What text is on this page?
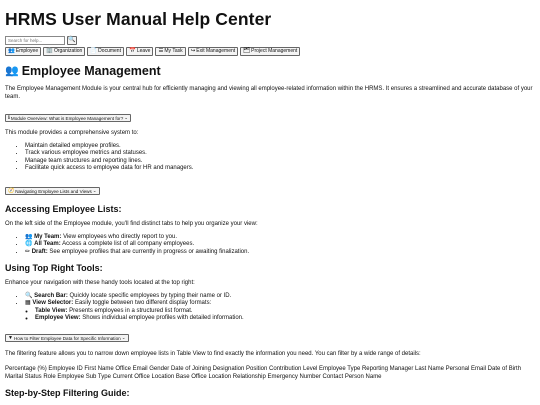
HRMS User Manual Help Center
Search for help...
🔍
👥 Employee 🏢 Organization 📄 Document 📅 Leave ☰ My Task ↪ Exit Management 🗂 Project Management
👥 Employee Management

The Employee Management Module is your central hub for efficiently managing and viewing all employee-related information within the HRMS. It ensures a streamlined and accurate database of your team.

ℹ Module Overview: What is Employee Management for? ⌄

This module provides a comprehensive system to:

• Maintain detailed employee profiles.
• Track various employee metrics and statuses.
• Manage team structures and reporting lines.
• Facilitate quick access to employee data for HR and managers.
🧭 Navigating Employee Lists and Views ⌄
Accessing Employee Lists:

On the left side of the Employee module, you'll find distinct tabs to help you organize your view:

• 👥 My Team: View employees who directly report to you.
• 🌐 All Team: Access a complete list of all company employees.
• ✏ Draft: See employee profiles that are currently in progress or awaiting finalization.
Using Top Right Tools:

Enhance your navigation with these handy tools located at the top right:

• 🔍 Search Bar: Quickly locate specific employees by typing their name or ID.
• ▦ View Selector: Easily toggle between two different display formats:
◦ Table View: Presents employees in a structured list format.
◦ Employee View: Shows individual employee profiles with detailed information.
▼ How to Filter Employee Data for Specific Information ⌄

The filtering feature allows you to narrow down employee lists in Table View to find exactly the information you need. You can filter by a wide range of details:

Percentage (%) Employee ID First Name Office Email Gender Date of Joining Designation Position Contribution Level Employee Type Reporting Manager Last Name Personal Email Date of Birth Marital Status Role Employee Sub Type Current Office Location Base Office Location Relationship Emergency Number Contact Person Name

Step-by-Step Filtering Guide:
